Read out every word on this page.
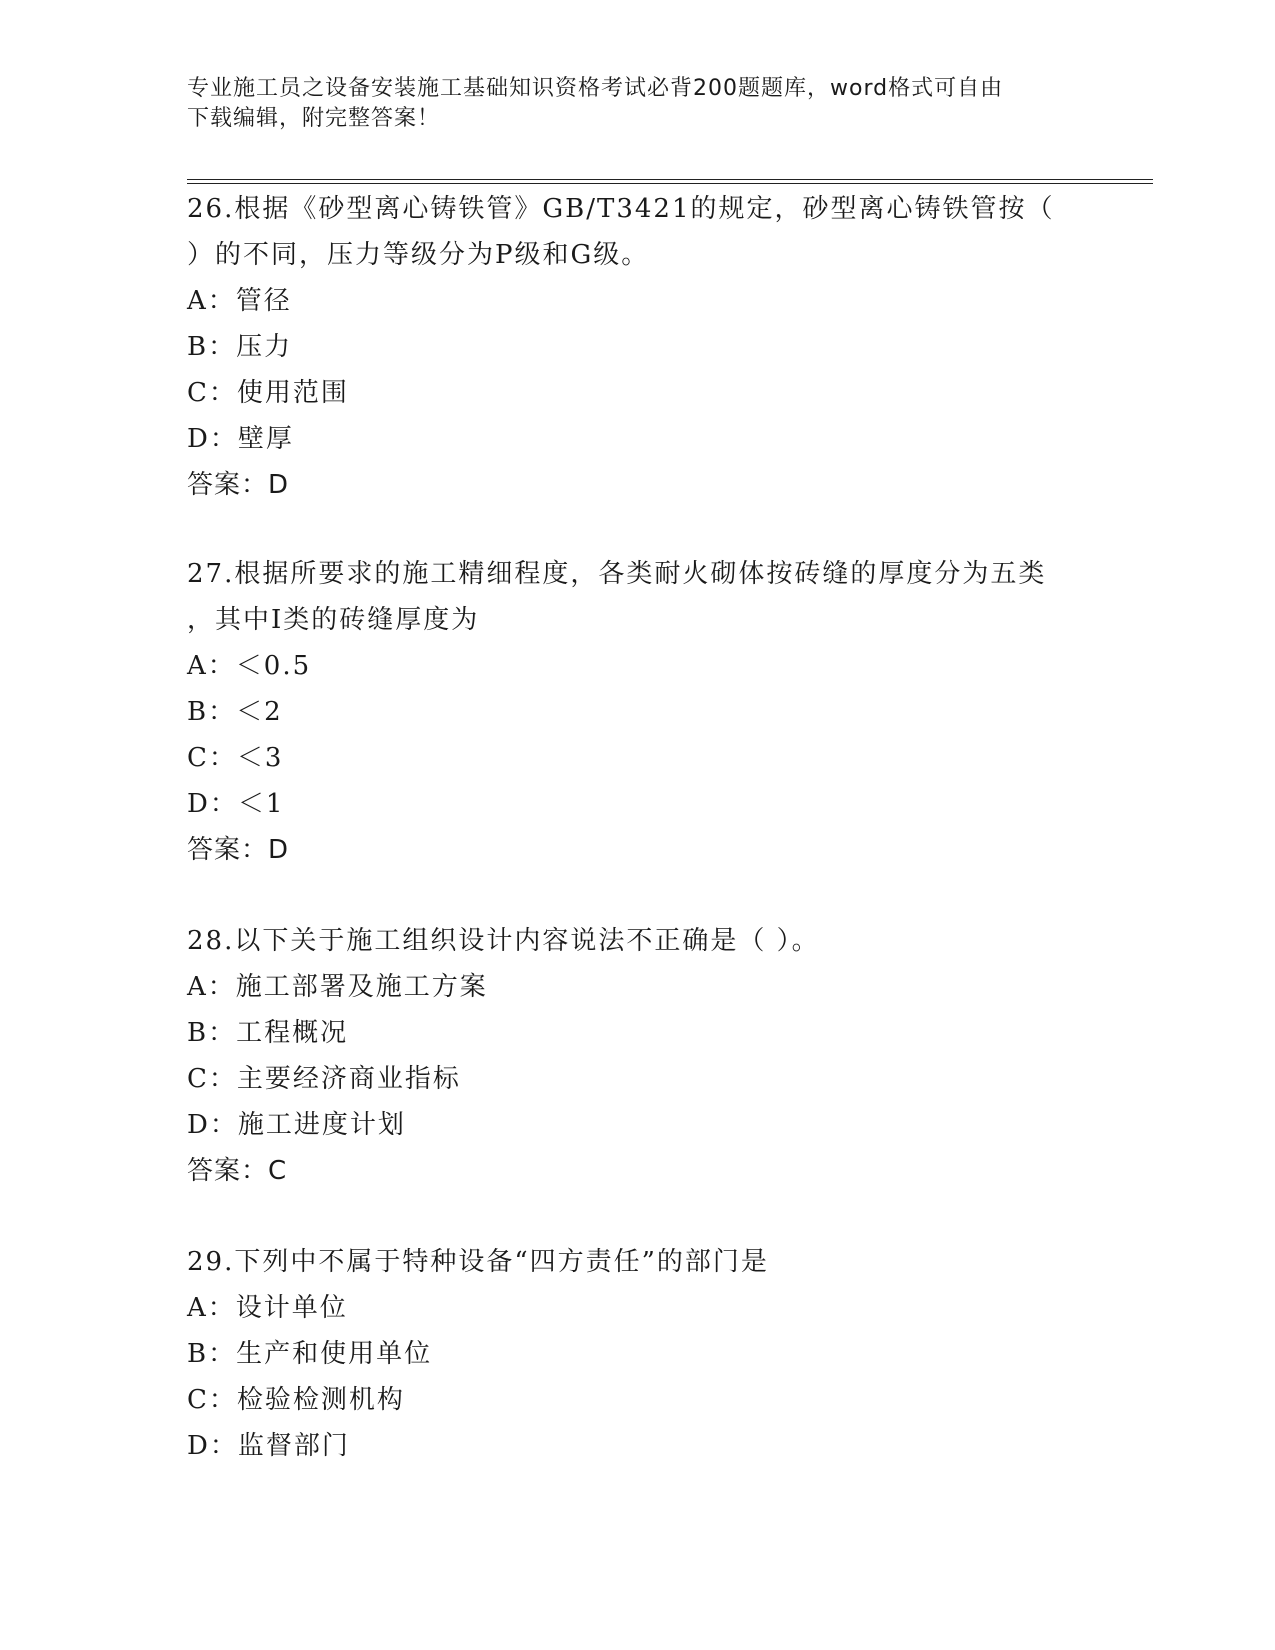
专业施工员之设备安装施工基础知识资格考试必背200题题库，word格式可自由
下载编辑，附完整答案！
26.根据《砂型离心铸铁管》GB/T3421的规定，砂型离心铸铁管按（
）的不同，压力等级分为P级和G级。
A：管径
B：压力
C：使用范围
D：壁厚
答案：D
27.根据所要求的施工精细程度，各类耐火砌体按砖缝的厚度分为五类
，其中I类的砖缝厚度为
A：＜0.5
B：＜2
C：＜3
D：＜1
答案：D
28.以下关于施工组织设计内容说法不正确是（ ）。
A：施工部署及施工方案
B：工程概况
C：主要经济商业指标
D：施工进度计划
答案：C
29.下列中不属于特种设备“四方责任”的部门是
A：设计单位
B：生产和使用单位
C：检验检测机构
D：监督部门
